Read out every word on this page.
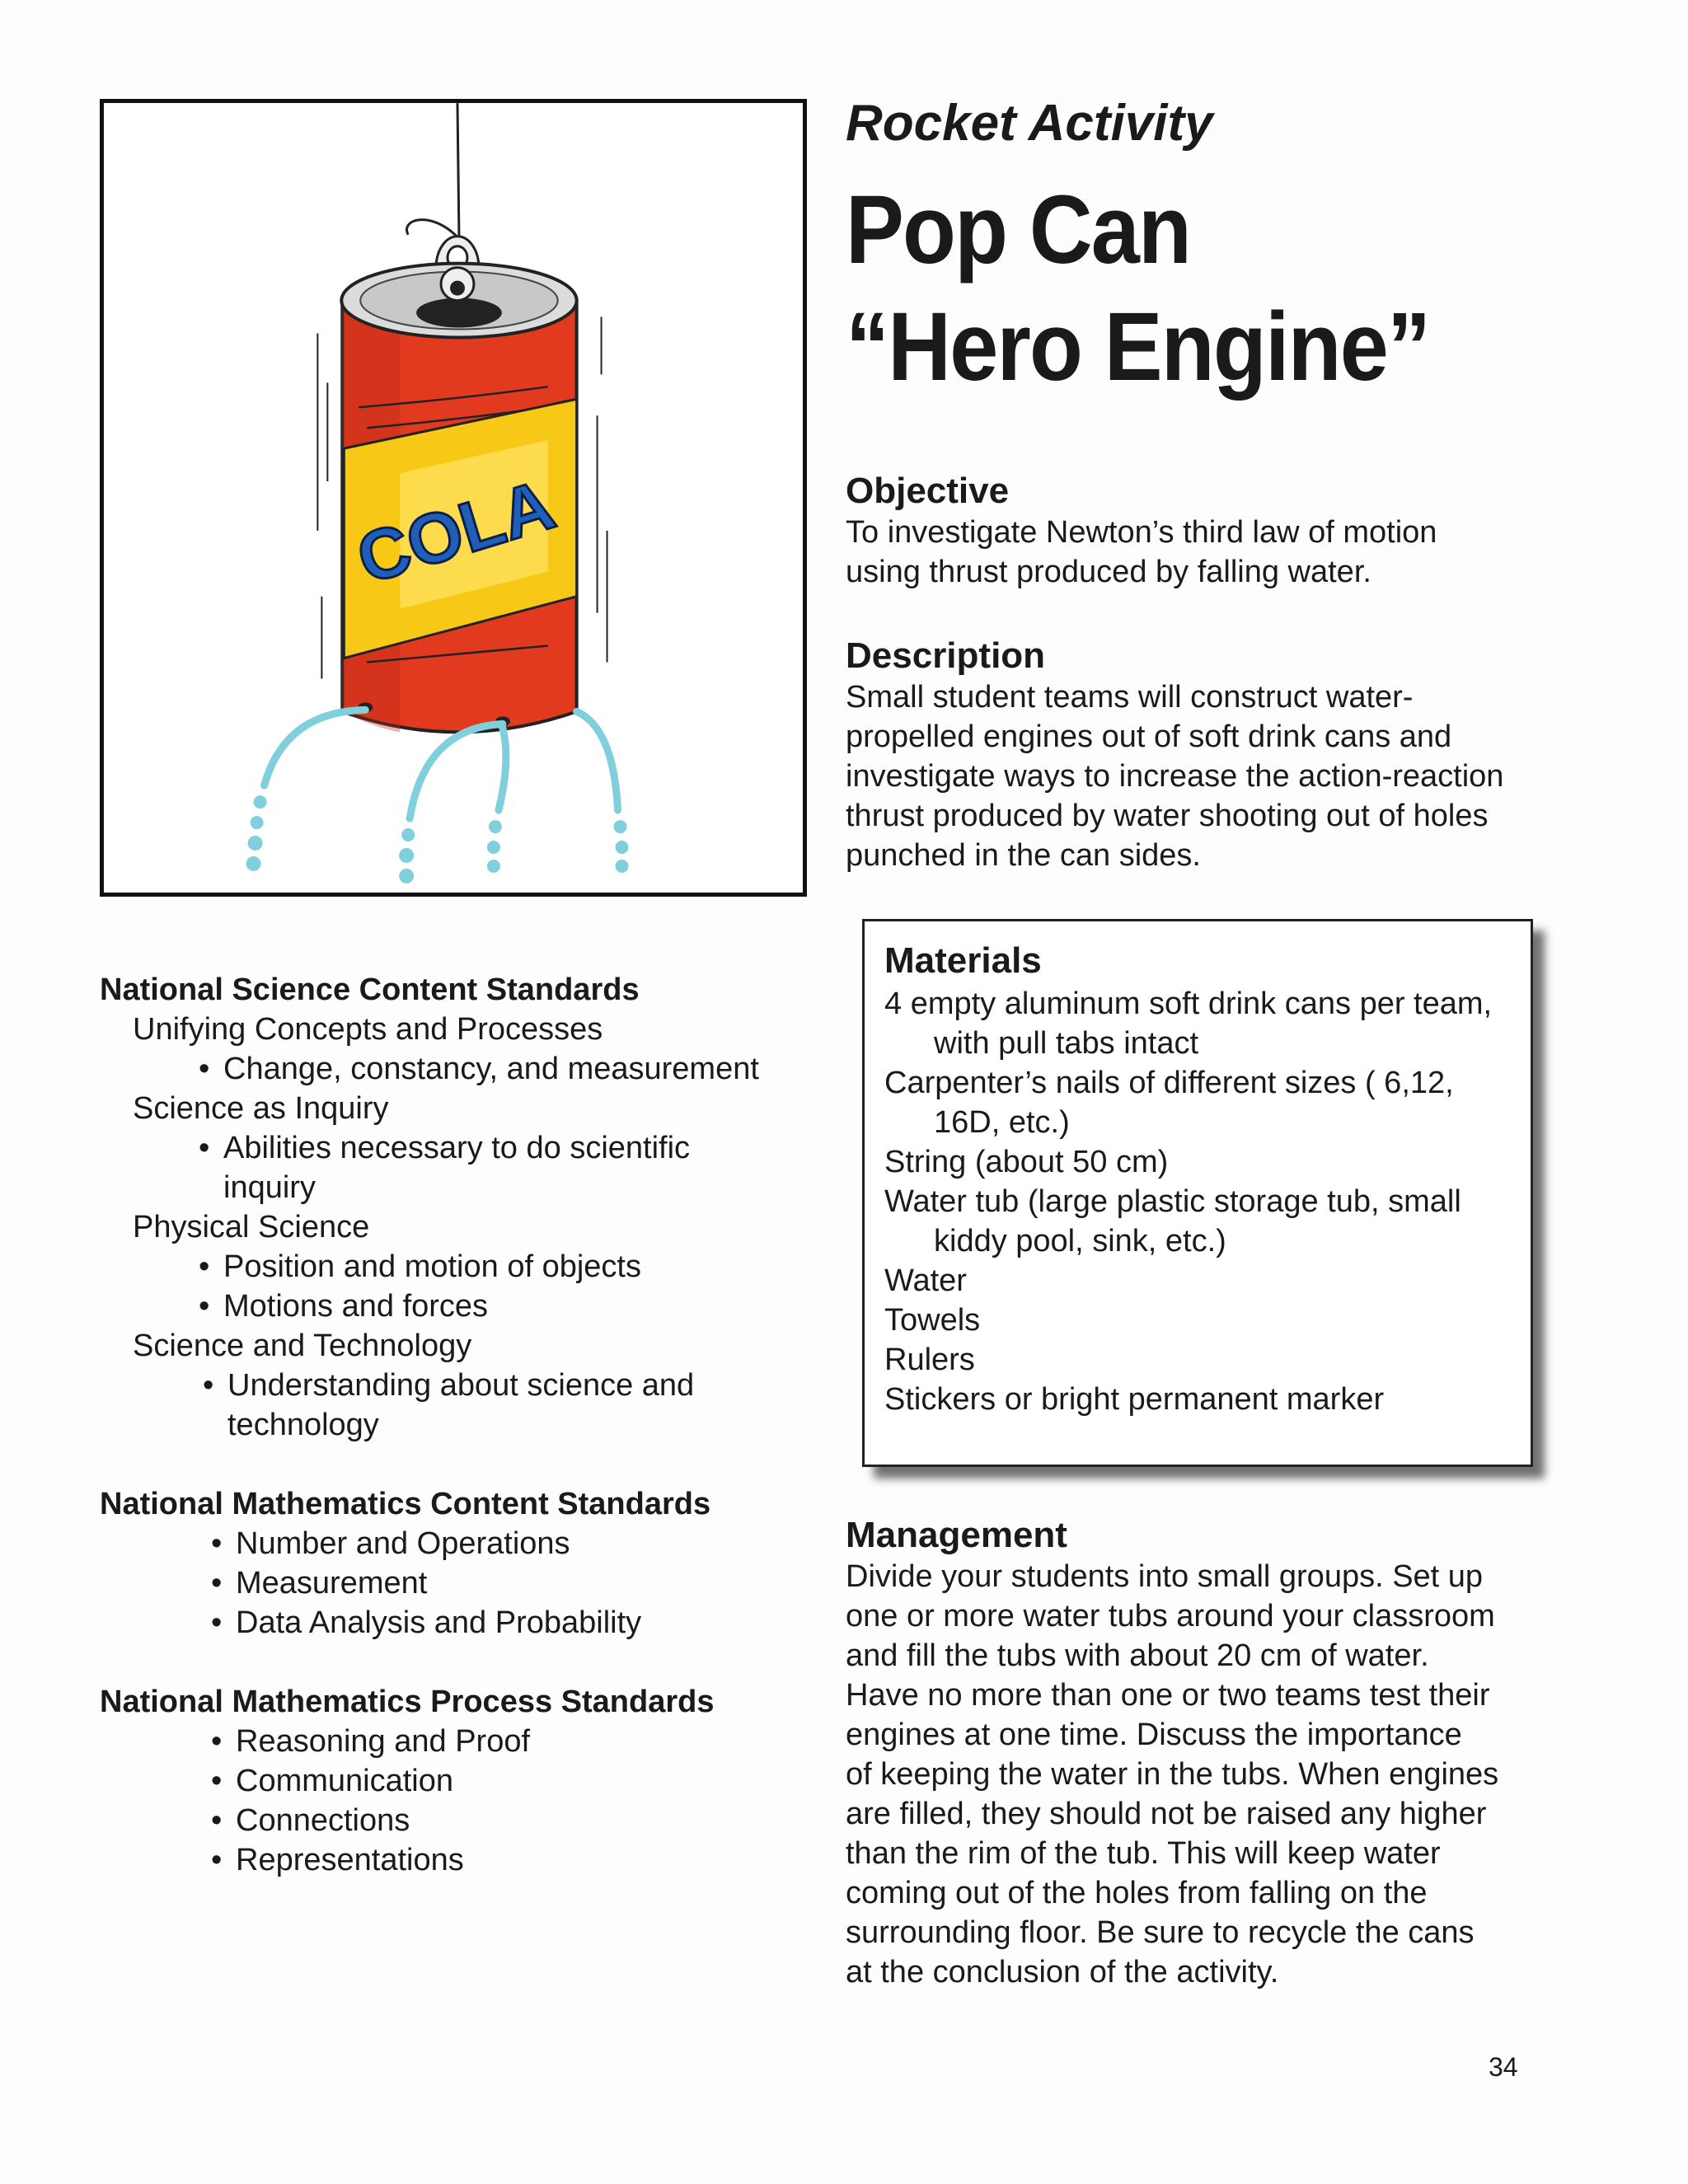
COLA

Rocket Activity

Pop Can
“Hero Engine”

Objective

To investigate Newton’s third law of motion

using thrust produced by falling water.

Description

Small student teams will construct water-

propelled engines out of soft drink cans and

investigate ways to increase the action-reaction

thrust produced by water shooting out of holes

punched in the can sides.

Materials

4 empty aluminum soft drink cans per team, with pull tabs intact
Carpenter’s nails of different sizes ( 6,12, 16D, etc.)
String (about 50 cm)
Water tub (large plastic storage tub, small kiddy pool, sink, etc.)
Water
Towels
Rulers
Stickers or bright permanent marker

Management

Divide your students into small groups. Set up

one or more water tubs around your classroom

and fill the tubs with about 20 cm of water.

Have no more than one or two teams test their

engines at one time. Discuss the importance

of keeping the water in the tubs. When engines

are filled, they should not be raised any higher

than the rim of the tub. This will keep water

coming out of the holes from falling on the

surrounding floor. Be sure to recycle the cans

at the conclusion of the activity.

National Science Content Standards

Unifying Concepts and Processes

• Change, constancy, and measurement

Science as Inquiry

• Abilities necessary to do scientific inquiry

Physical Science

• Position and motion of objects
• Motions and forces

Science and Technology

• Understanding about science and technology

National Mathematics Content Standards

• Number and Operations
• Measurement
• Data Analysis and Probability

National Mathematics Process Standards

• Reasoning and Proof
• Communication
• Connections
• Representations
34
